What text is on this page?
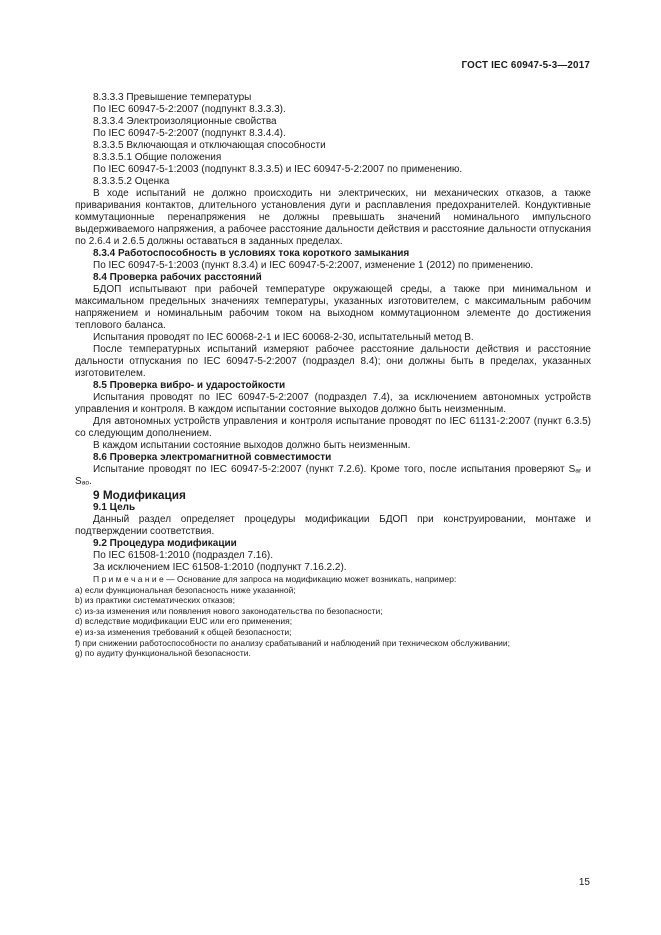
ГОСТ IEC 60947-5-3—2017

8.3.3.3 Превышение температуры

По IEC 60947-5-2:2007 (подпункт 8.3.3.3).

8.3.3.4 Электроизоляционные свойства

По IEC 60947-5-2:2007 (подпункт 8.3.4.4).

8.3.3.5 Включающая и отключающая способности

8.3.3.5.1 Общие положения

По IEC 60947-5-1:2003 (подпункт 8.3.3.5) и IEC 60947-5-2:2007 по применению.

8.3.3.5.2 Оценка

В ходе испытаний не должно происходить ни электрических, ни механических отказов, а также приваривания контактов, длительного установления дуги и расплавления предохранителей. Кондуктивные коммутационные перенапряжения не должны превышать значений номинального импульсного выдерживаемого напряжения, а рабочее расстояние дальности действия и расстояние дальности отпускания по 2.6.4 и 2.6.5 должны оставаться в заданных пределах.

8.3.4 Работоспособность в условиях тока короткого замыкания

По IEC 60947-5-1:2003 (пункт 8.3.4) и IEC 60947-5-2:2007, изменение 1 (2012) по применению.

8.4 Проверка рабочих расстояний

БДОП испытывают при рабочей температуре окружающей среды, а также при минимальном и максимальном предельных значениях температуры, указанных изготовителем, с максимальным рабочим напряжением и номинальным рабочим током на выходном коммутационном элементе до достижения теплового баланса.

Испытания проводят по IEC 60068-2-1 и IEC 60068-2-30, испытательный метод В.

После температурных испытаний измеряют рабочее расстояние дальности действия и расстояние дальности отпускания по IEC 60947-5-2:2007 (подраздел 8.4); они должны быть в пределах, указанных изготовителем.

8.5 Проверка вибро- и ударостойкости

Испытания проводят по IEC 60947-5-2:2007 (подраздел 7.4), за исключением автономных устройств управления и контроля. В каждом испытании состояние выходов должно быть неизменным.

Для автономных устройств управления и контроля испытание проводят по IEC 61131-2:2007 (пункт 6.3.5) со следующим дополнением.

В каждом испытании состояние выходов должно быть неизменным.

8.6 Проверка электромагнитной совместимости

Испытание проводят по IEC 60947-5-2:2007 (пункт 7.2.6). Кроме того, после испытания проверяют Sₐᵣ и Sₐₒ.

9 Модификация

9.1 Цель

Данный раздел определяет процедуры модификации БДОП при конструировании, монтаже и подтверждении соответствия.

9.2 Процедура модификации

По IEC 61508-1:2010 (подраздел 7.16).

За исключением IEC 61508-1:2010 (подпункт 7.16.2.2).

П р и м е ч а н и е — Основание для запроса на модификацию может возникать, например:

a) если функциональная безопасность ниже указанной;

b) из практики систематических отказов;

c) из-за изменения или появления нового законодательства по безопасности;

d) вследствие модификации EUC или его применения;

e) из-за изменения требований к общей безопасности;

f) при снижении работоспособности по анализу срабатываний и наблюдений при техническом обслуживании;

g) по аудиту функциональной безопасности.

15
